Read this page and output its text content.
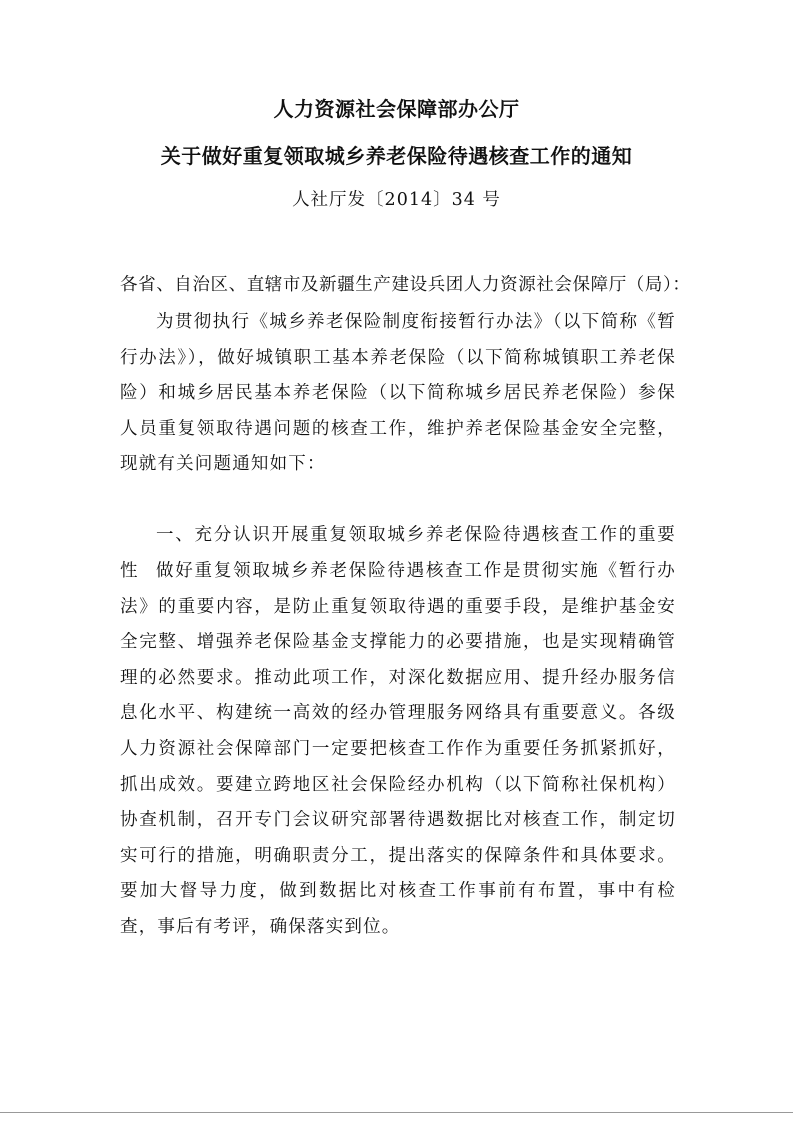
人力资源社会保障部办公厅
关于做好重复领取城乡养老保险待遇核查工作的通知
人社厅发〔2014〕34 号
各省、自治区、直辖市及新疆生产建设兵团人力资源社会保障厅（局）：

为贯彻执行《城乡养老保险制度衔接暂行办法》（以下简称《暂行办法》），做好城镇职工基本养老保险（以下简称城镇职工养老保险）和城乡居民基本养老保险（以下简称城乡居民养老保险）参保人员重复领取待遇问题的核查工作，维护养老保险基金安全完整，现就有关问题通知如下：

一、充分认识开展重复领取城乡养老保险待遇核查工作的重要性 做好重复领取城乡养老保险待遇核查工作是贯彻实施《暂行办法》的重要内容，是防止重复领取待遇的重要手段，是维护基金安全完整、增强养老保险基金支撑能力的必要措施，也是实现精确管理的必然要求。推动此项工作，对深化数据应用、提升经办服务信息化水平、构建统一高效的经办管理服务网络具有重要意义。各级人力资源社会保障部门一定要把核查工作作为重要任务抓紧抓好，抓出成效。要建立跨地区社会保险经办机构（以下简称社保机构）协查机制，召开专门会议研究部署待遇数据比对核查工作，制定切实可行的措施，明确职责分工，提出落实的保障条件和具体要求。要加大督导力度，做到数据比对核查工作事前有布置，事中有检查，事后有考评，确保落实到位。
